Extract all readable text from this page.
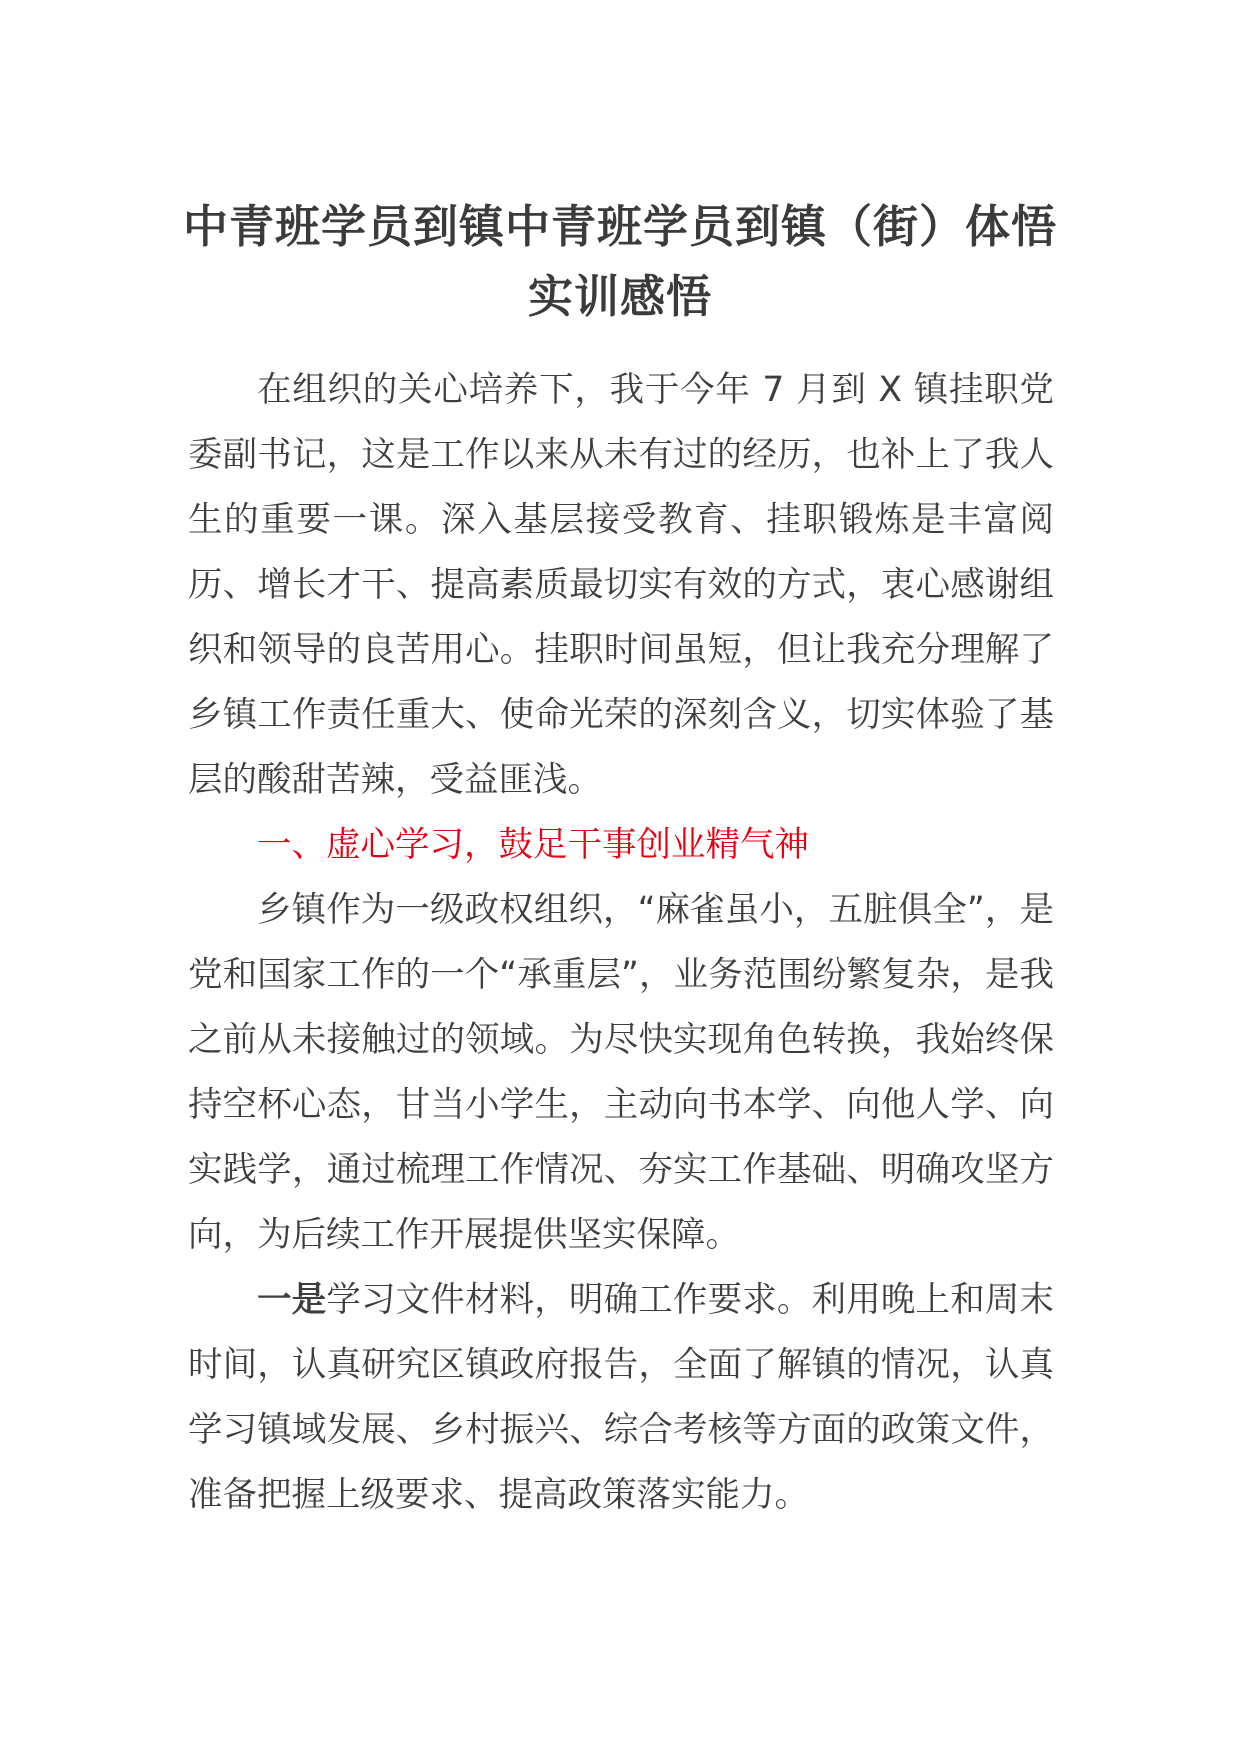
中青班学员到镇中青班学员到镇（街）体悟
实训感悟

在组织的关心培养下，我于今年 7 月到 X 镇挂职党委副书记，这是工作以来从未有过的经历，也补上了我人生的重要一课。深入基层接受教育、挂职锻炼是丰富阅历、增长才干、提高素质最切实有效的方式，衷心感谢组织和领导的良苦用心。挂职时间虽短，但让我充分理解了乡镇工作责任重大、使命光荣的深刻含义，切实体验了基层的酸甜苦辣，受益匪浅。

一、虚心学习，鼓足干事创业精气神

乡镇作为一级政权组织，“麻雀虽小，五脏俱全”，是党和国家工作的一个“承重层”，业务范围纷繁复杂，是我之前从未接触过的领域。为尽快实现角色转换，我始终保持空杯心态，甘当小学生，主动向书本学、向他人学、向实践学，通过梳理工作情况、夯实工作基础、明确攻坚方向，为后续工作开展提供坚实保障。

一是学习文件材料，明确工作要求。利用晚上和周末时间，认真研究区镇政府报告，全面了解镇的情况，认真学习镇域发展、乡村振兴、综合考核等方面的政策文件，准备把握上级要求、提高政策落实能力。
